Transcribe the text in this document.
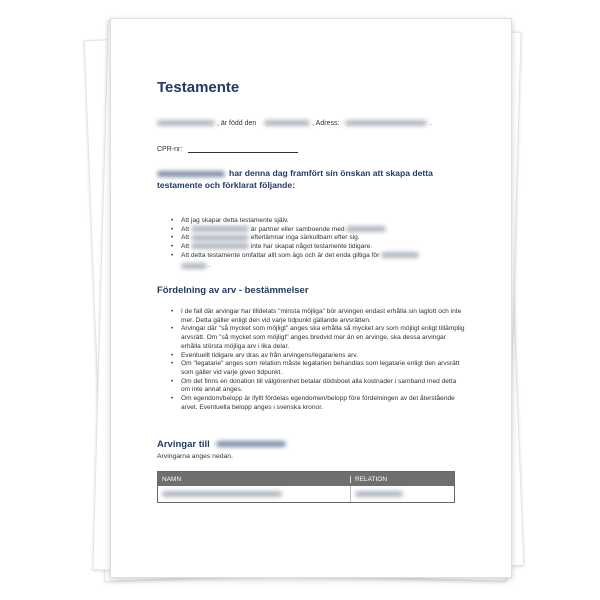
Testamente
, är född den	, Adress:	.
CPR-nr:
har denna dag framfört sin önskan att skapa detta testamente och förklarat följande:
• Att jag skapar detta testamente själv.
• Att	är partner eller samboende med
• Att	efterlämnar inga särkullbarn efter sig.
• Att	inte har skapat något testamente tidigare.
• Att detta testamente omfattar allt som ägs och är det enda giltiga för
.
Fördelning av arv - bestämmelser
• I de fall där arvingar har tilldelats "minsta möjliga" bör arvingen endast erhålla sin laglott och inte mer. Detta gäller enligt den vid varje tidpunkt gällande arvsrätten.
• Arvingar där "så mycket som möjligt" anges ska erhålla så mycket arv som möjligt enligt tillämplig arvsrätt. Om "så mycket som möjligt" anges bredvid mer än en arvinge, ska dessa arvingar erhålla största möjliga arv i lika delar.
• Eventuellt tidigare arv dras av från arvingens/legatariens arv.
• Om "legatarie" anges som relation måste legatarien behandlas som legatarie enligt den arvsrätt som gäller vid varje given tidpunkt.
• Om det finns en donation till välgörenhet betalar dödsboet alla kostnader i samband med detta om inte annat anges.
• Om egendom/belopp är ifyllt fördelas egendomen/belopp före fördelningen av det återstående arvet. Eventuella belopp anges i svenska kronor.
Arvingar till
Arvingarna anges nedan.
NAMN	RELATION
